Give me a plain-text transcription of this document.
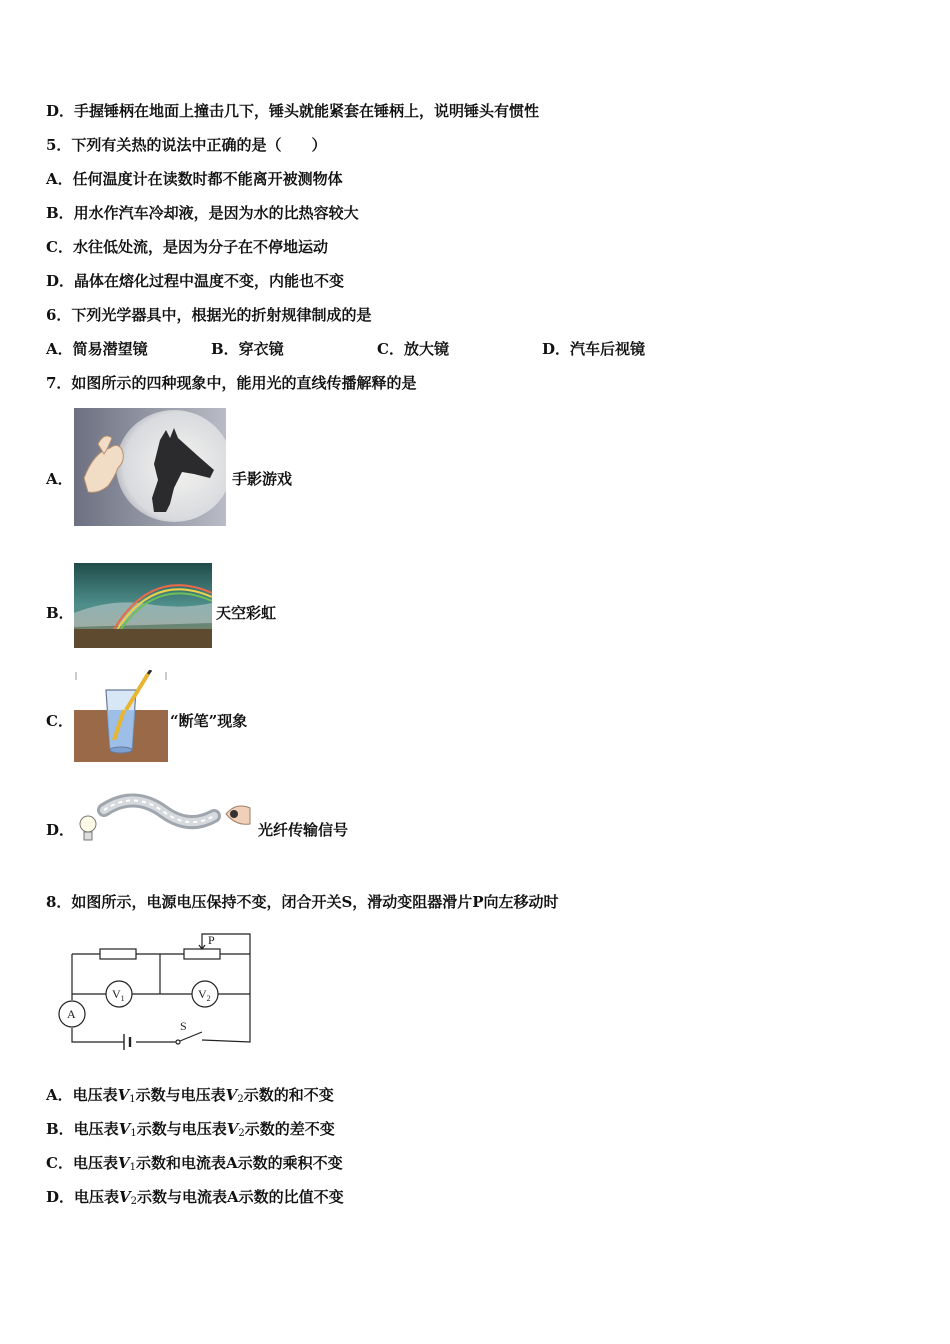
D．手握锤柄在地面上撞击几下，锤头就能紧套在锤柄上，说明锤头有惯性
5．下列有关热的说法中正确的是（　　）
A．任何温度计在读数时都不能离开被测物体
B．用水作汽车冷却液，是因为水的比热容较大
C．水往低处流，是因为分子在不停地运动
D．晶体在熔化过程中温度不变，内能也不变
6．下列光学器具中，根据光的折射规律制成的是
A．简易潜望镜	B．穿衣镜	C．放大镜	D．汽车后视镜
7．如图所示的四种现象中，能用光的直线传播解释的是
A．	手影游戏
B．	天空彩虹
C．	“断笔”现象
D．	光纤传输信号
8．如图所示，电源电压保持不变，闭合开关S，滑动变阻器滑片P向左移动时
P
$V_1$	$V_2$
A
S
A．电压表$V_1$示数与电压表$V_2$示数的和不变
B．电压表$V_1$示数与电压表$V_2$示数的差不变
C．电压表$V_1$示数和电流表A示数的乘积不变
D．电压表$V_2$示数与电流表A示数的比值不变
